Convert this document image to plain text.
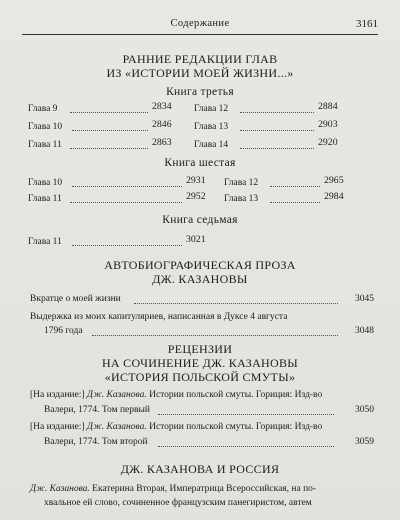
Содержание	3161
РАННИЕ РЕДАКЦИИ ГЛАВ
ИЗ «ИСТОРИИ МОЕЙ ЖИЗНИ...»
Книга третья
Глава 9	2834
Глава 10	2846
Глава 11	2863
Глава 12	2884
Глава 13	2903
Глава 14	2920
Книга шестая
Глава 10	2931
Глава 11	2952
Глава 12	2965
Глава 13	2984
Книга седьмая
Глава 11	3021
АВТОБИОГРАФИЧЕСКАЯ ПРОЗА
ДЖ. КАЗАНОВЫ
Вкратце о моей жизни	3045
Выдержка из моих капитуляриев, написанная в Дуксе 4 августа
1796 года	3048
РЕЦЕНЗИИ
НА СОЧИНЕНИЕ ДЖ. КАЗАНОВЫ
«ИСТОРИЯ ПОЛЬСКОЙ СМУТЫ»
[На издание:] Дж. Казанова. Истории польской смуты. Гориция: Изд-во
Валери, 1774. Том первый	3050
[На издание:] Дж. Казанова. Истории польской смуты. Гориция: Изд-во
Валери, 1774. Том второй	3059
ДЖ. КАЗАНОВА И РОССИЯ
Дж. Казанова. Екатерина Вторая, Императрица Всероссийская, на по-
хвальное ей слово, сочиненное французским панегиристом, автем
